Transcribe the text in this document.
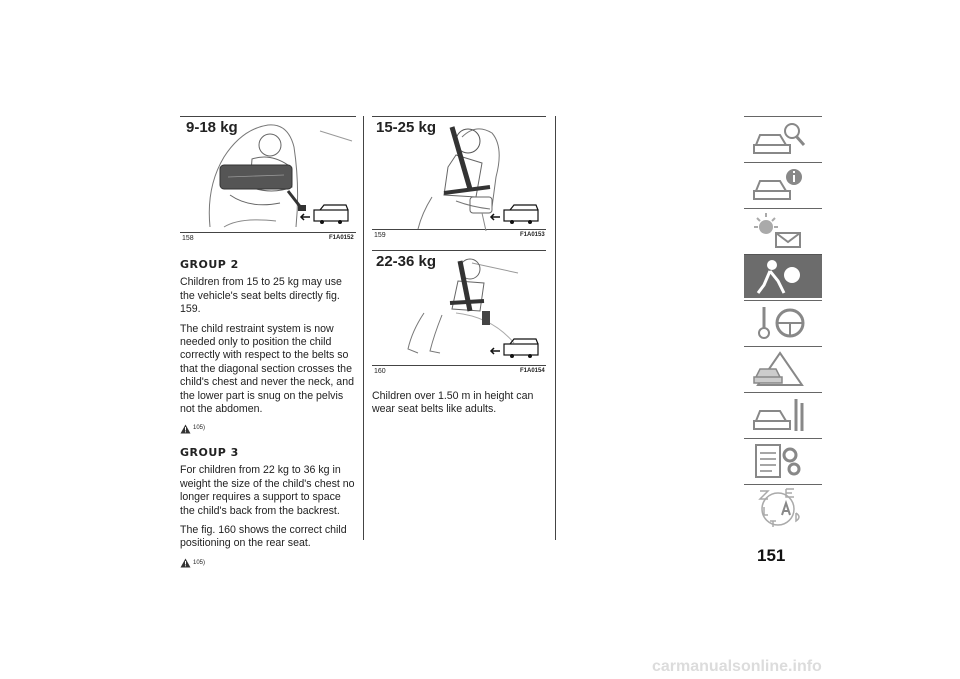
9-18 kg
158	F1A0152
GROUP 2

Children from 15 to 25 kg may use the vehicle's seat belts directly fig. 159.

The child restraint system is now needed only to position the child correctly with respect to the belts so that the diagonal section crosses the child's chest and never the neck, and the lower part is snug on the pelvis not the abdomen.

105)
GROUP 3

For children from 22 kg to 36 kg in weight the size of the child's chest no longer requires a support to space the child's back from the backrest.

The fig. 160 shows the correct child positioning on the rear seat.

105)
15-25 kg
159	F1A0153
22-36 kg
160	F1A0154

Children over 1.50 m in height can wear seat belts like adults.

151
carmanualsonline.info
